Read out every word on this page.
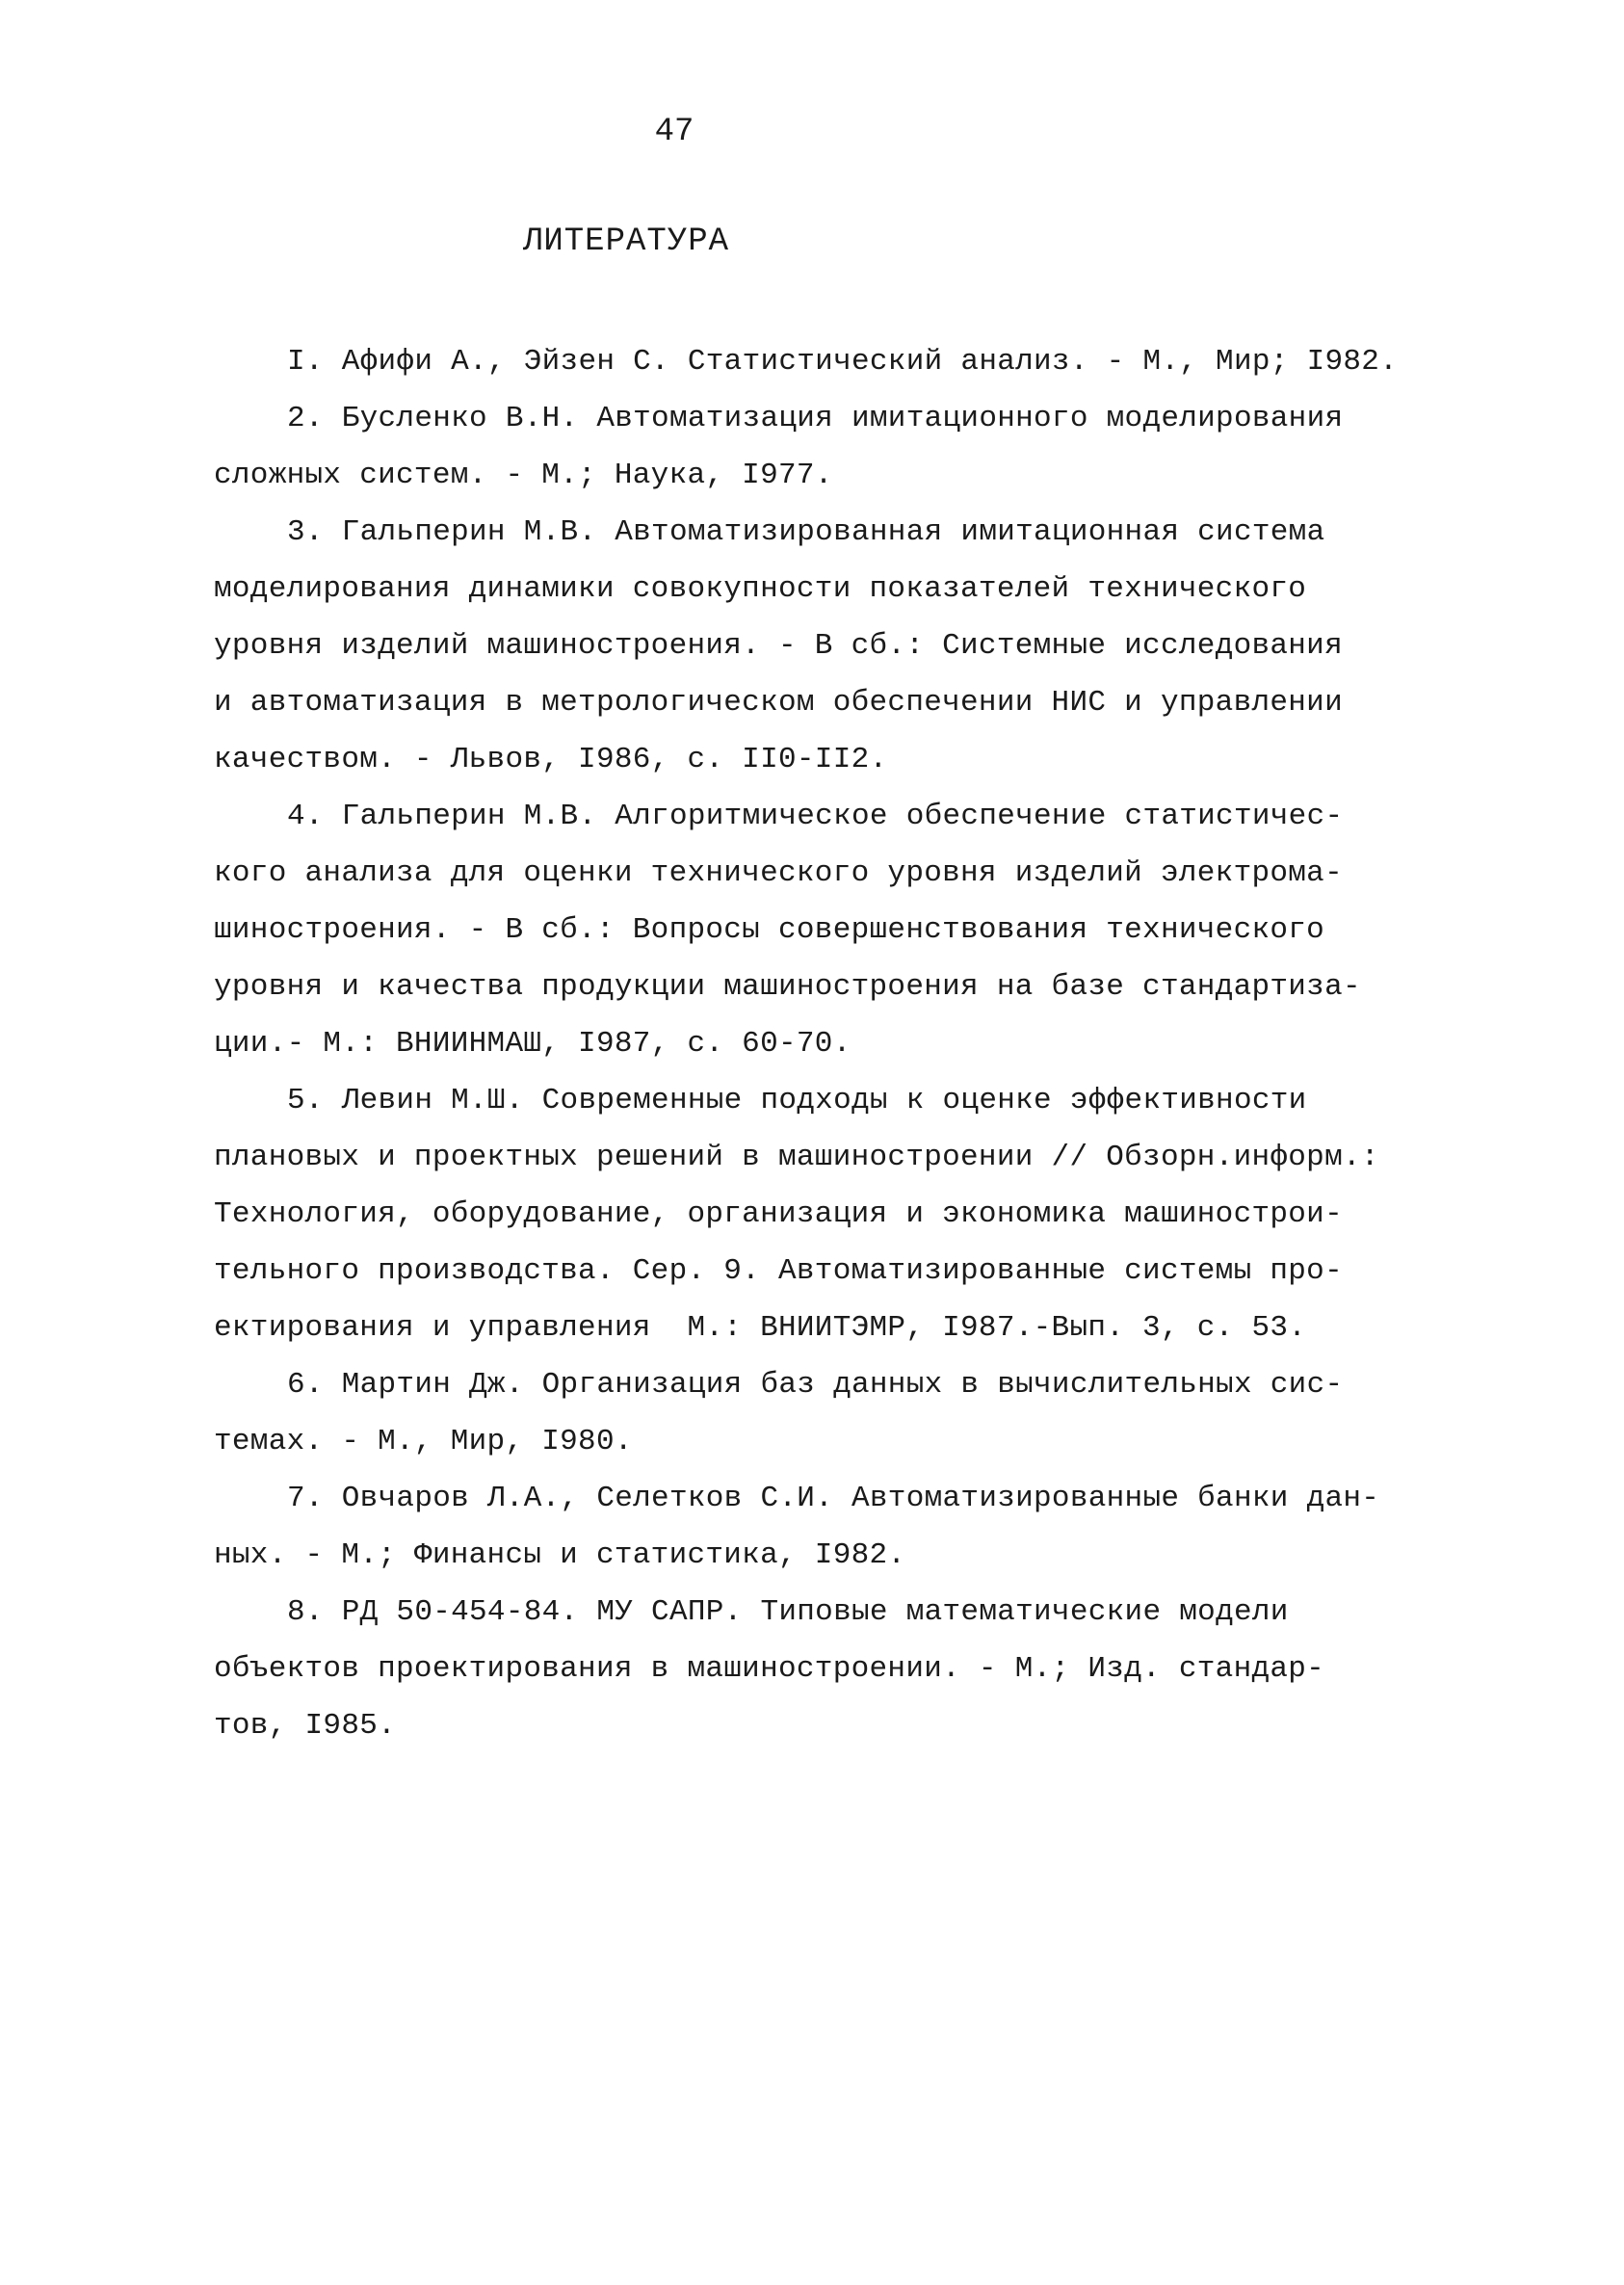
47
ЛИТЕРАТУРА
I. Афифи А., Эйзен С. Статистический анализ. - М., Мир; I982.
2. Бусленко В.Н. Автоматизация имитационного моделирования
сложных систем. - М.; Наука, I977.
3. Гальперин М.В. Автоматизированная имитационная система
моделирования динамики совокупности показателей технического
уровня изделий машиностроения. - В сб.: Системные исследования
и автоматизация в метрологическом обеспечении НИС и управлении
качеством. - Львов, I986, с. II0-II2.
4. Гальперин М.В. Алгоритмическое обеспечение статистичес-
кого анализа для оценки технического уровня изделий электрома-
шиностроения. - В сб.: Вопросы совершенствования технического
уровня и качества продукции машиностроения на базе стандартиза-
ции.- М.: ВНИИНМАШ, I987, с. 60-70.
5. Левин М.Ш. Современные подходы к оценке эффективности
плановых и проектных решений в машиностроении // Обзорн.информ.:
Технология, оборудование, организация и экономика машинострои-
тельного производства. Сер. 9. Автоматизированные системы про-
ектирования и управления  М.: ВНИИТЭМР, I987.-Вып. 3, с. 53.
6. Мартин Дж. Организация баз данных в вычислительных сис-
темах. - М., Мир, I980.
7. Овчаров Л.А., Селетков С.И. Автоматизированные банки дан-
ных. - М.; Финансы и статистика, I982.
8. РД 50-454-84. МУ САПР. Типовые математические модели
объектов проектирования в машиностроении. - М.; Изд. стандар-
тов, I985.
